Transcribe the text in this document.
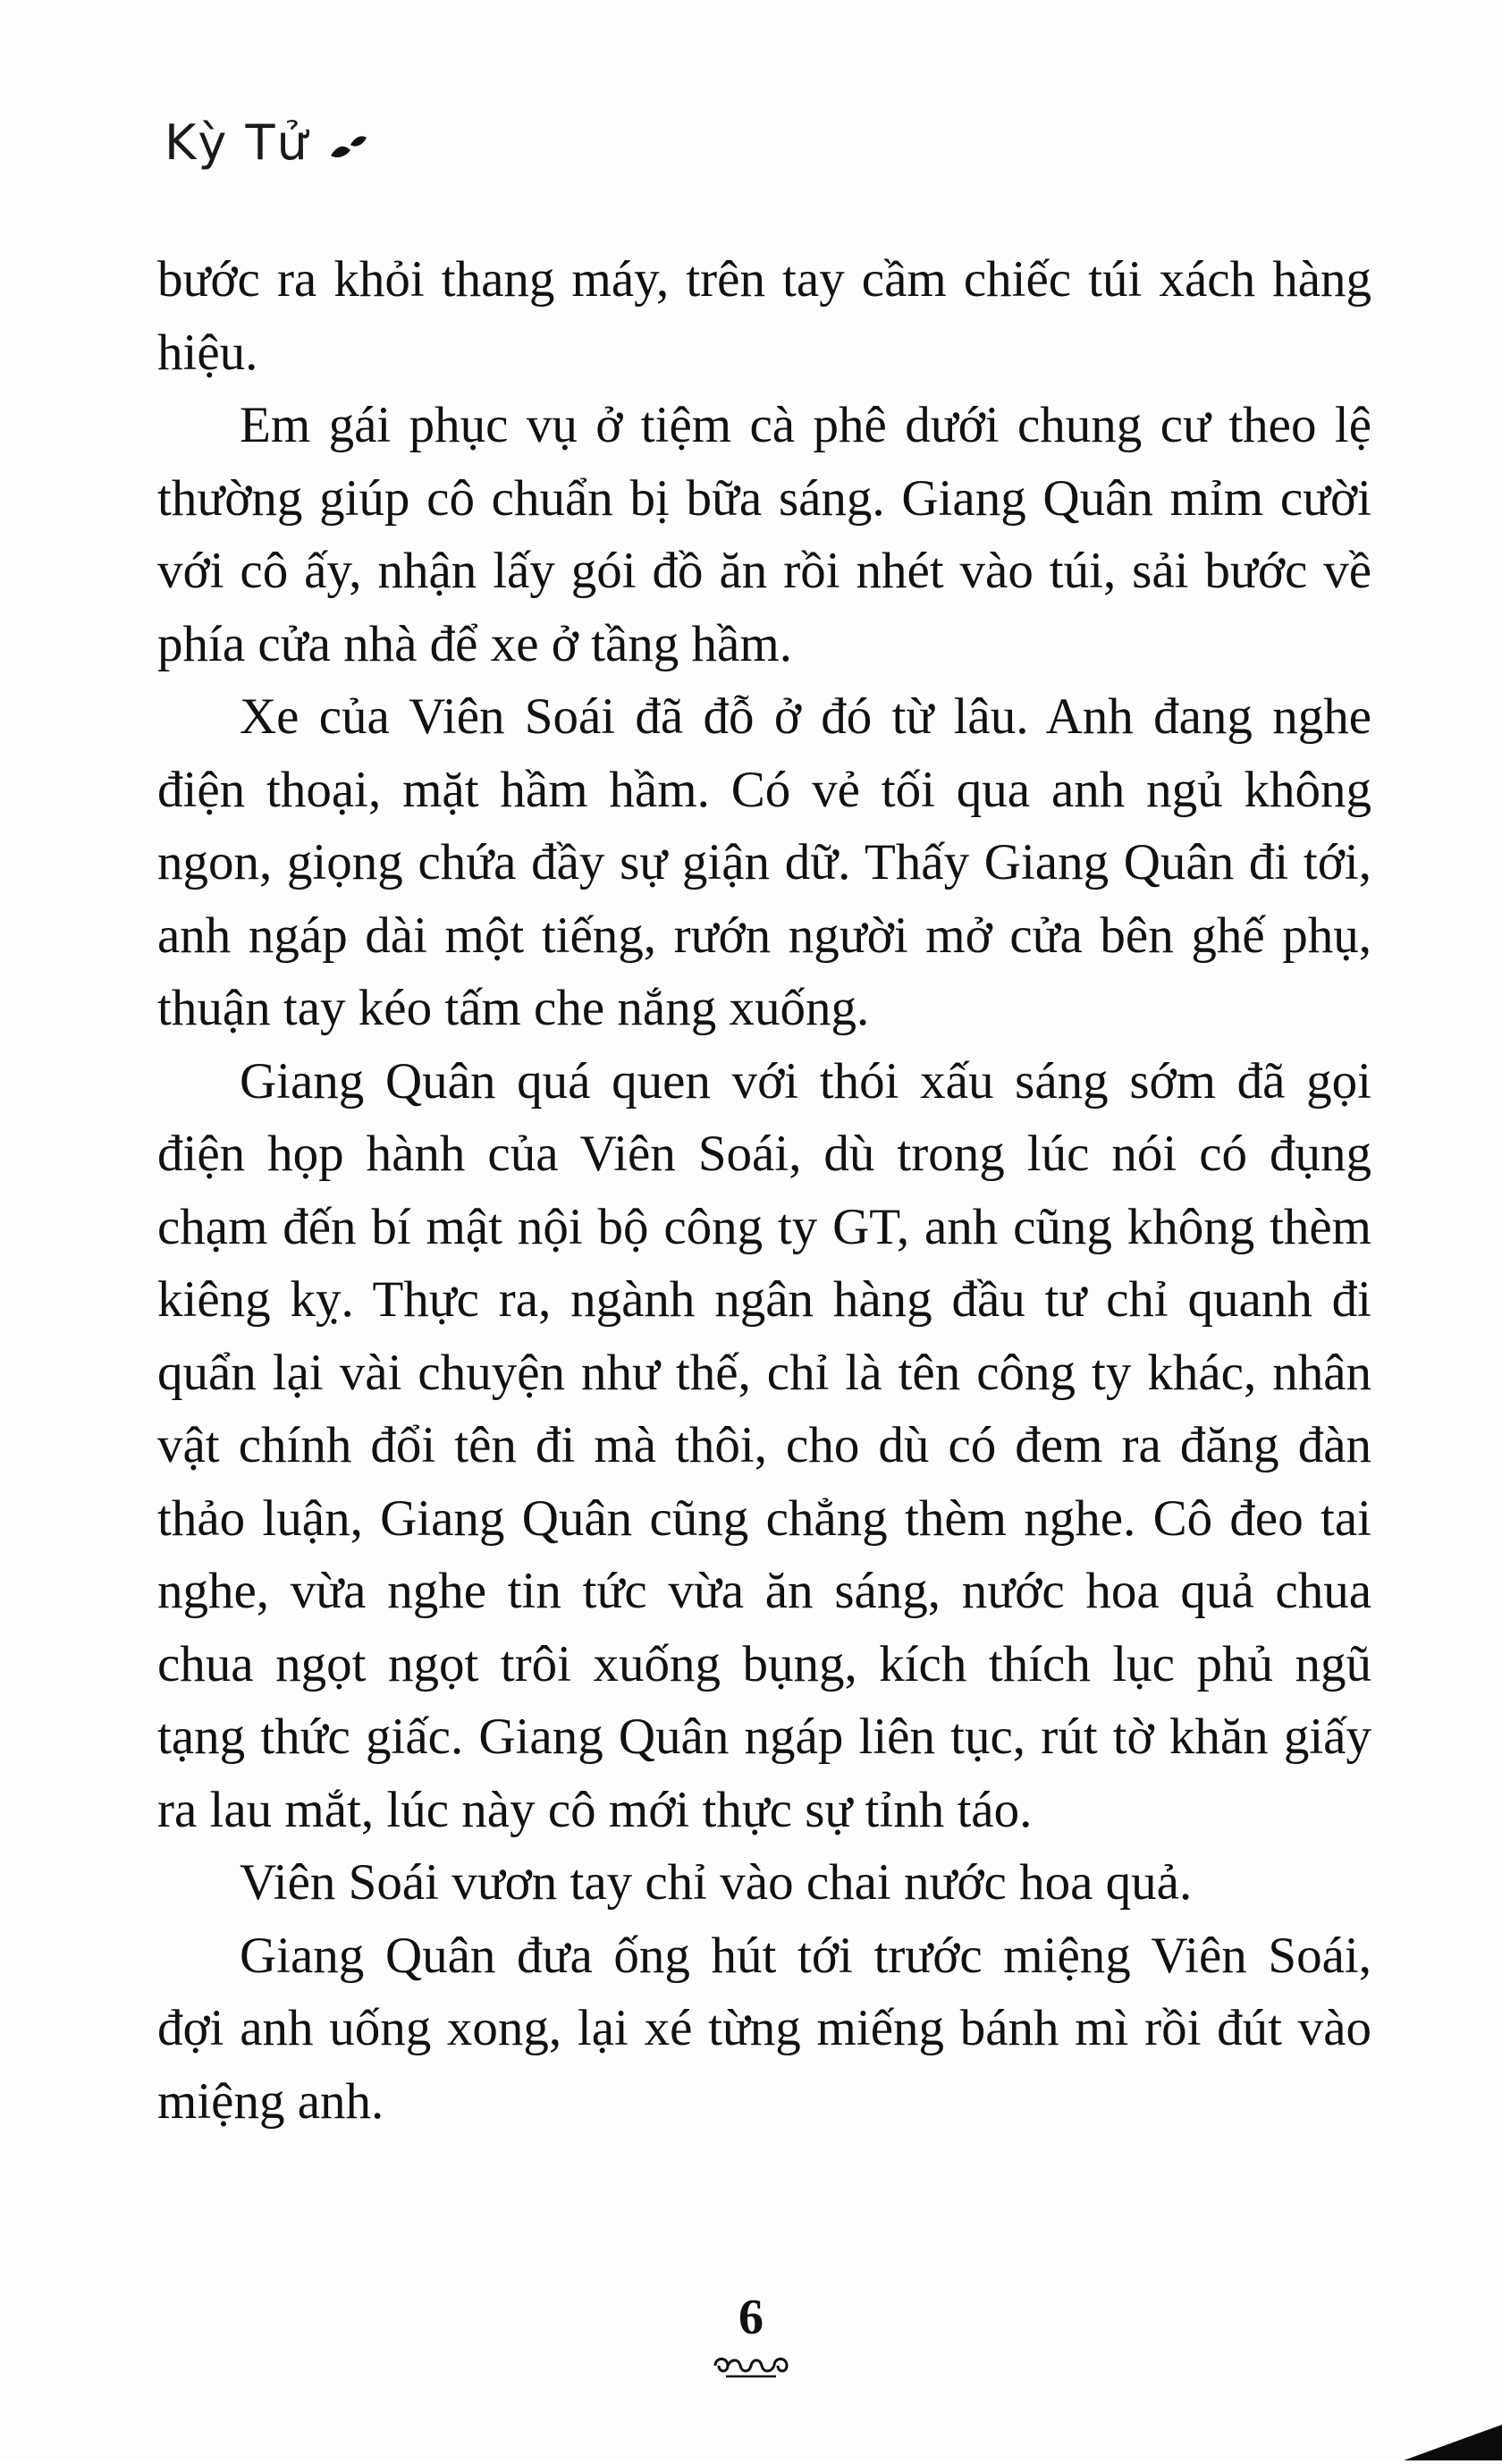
Kỳ Tử

bước ra khỏi thang máy, trên tay cầm chiếc túi xách hàng hiệu.

Em gái phục vụ ở tiệm cà phê dưới chung cư theo lệ thường giúp cô chuẩn bị bữa sáng. Giang Quân mỉm cười với cô ấy, nhận lấy gói đồ ăn rồi nhét vào túi, sải bước về phía cửa nhà để xe ở tầng hầm.

Xe của Viên Soái đã đỗ ở đó từ lâu. Anh đang nghe điện thoại, mặt hầm hầm. Có vẻ tối qua anh ngủ không ngon, giọng chứa đầy sự giận dữ. Thấy Giang Quân đi tới, anh ngáp dài một tiếng, rướn người mở cửa bên ghế phụ, thuận tay kéo tấm che nắng xuống.

Giang Quân quá quen với thói xấu sáng sớm đã gọi điện họp hành của Viên Soái, dù trong lúc nói có đụng chạm đến bí mật nội bộ công ty GT, anh cũng không thèm kiêng kỵ. Thực ra, ngành ngân hàng đầu tư chỉ quanh đi quẩn lại vài chuyện như thế, chỉ là tên công ty khác, nhân vật chính đổi tên đi mà thôi, cho dù có đem ra đăng đàn thảo luận, Giang Quân cũng chẳng thèm nghe. Cô đeo tai nghe, vừa nghe tin tức vừa ăn sáng, nước hoa quả chua chua ngọt ngọt trôi xuống bụng, kích thích lục phủ ngũ tạng thức giấc. Giang Quân ngáp liên tục, rút tờ khăn giấy ra lau mắt, lúc này cô mới thực sự tỉnh táo.

Viên Soái vươn tay chỉ vào chai nước hoa quả.

Giang Quân đưa ống hút tới trước miệng Viên Soái, đợi anh uống xong, lại xé từng miếng bánh mì rồi đút vào miệng anh.

6
